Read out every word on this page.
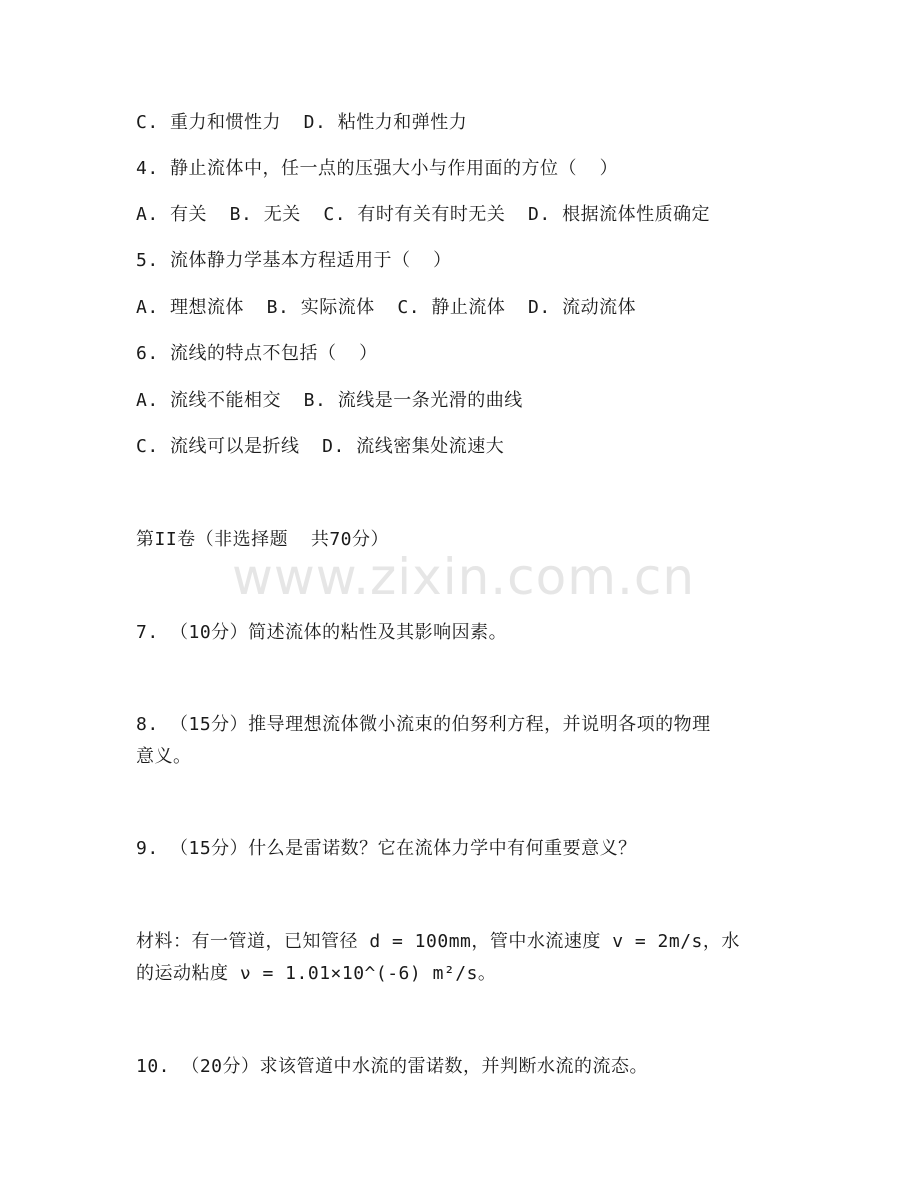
C. 重力和惯性力  D. 粘性力和弹性力
4. 静止流体中，任一点的压强大小与作用面的方位（  ）
A. 有关  B. 无关  C. 有时有关有时无关  D. 根据流体性质确定
5. 流体静力学基本方程适用于（  ）
A. 理想流体  B. 实际流体  C. 静止流体  D. 流动流体
6. 流线的特点不包括（  ）
A. 流线不能相交  B. 流线是一条光滑的曲线
C. 流线可以是折线  D. 流线密集处流速大
第II卷（非选择题  共70分）
7. （10分）简述流体的粘性及其影响因素。
8. （15分）推导理想流体微小流束的伯努利方程，并说明各项的物理
意义。
9. （15分）什么是雷诺数？它在流体力学中有何重要意义？
材料：有一管道，已知管径 d = 100mm，管中水流速度 v = 2m/s，水
的运动粘度 ν = 1.01×10^(-6) m²/s。
10. （20分）求该管道中水流的雷诺数，并判断水流的流态。
www.zixin.com.cn
